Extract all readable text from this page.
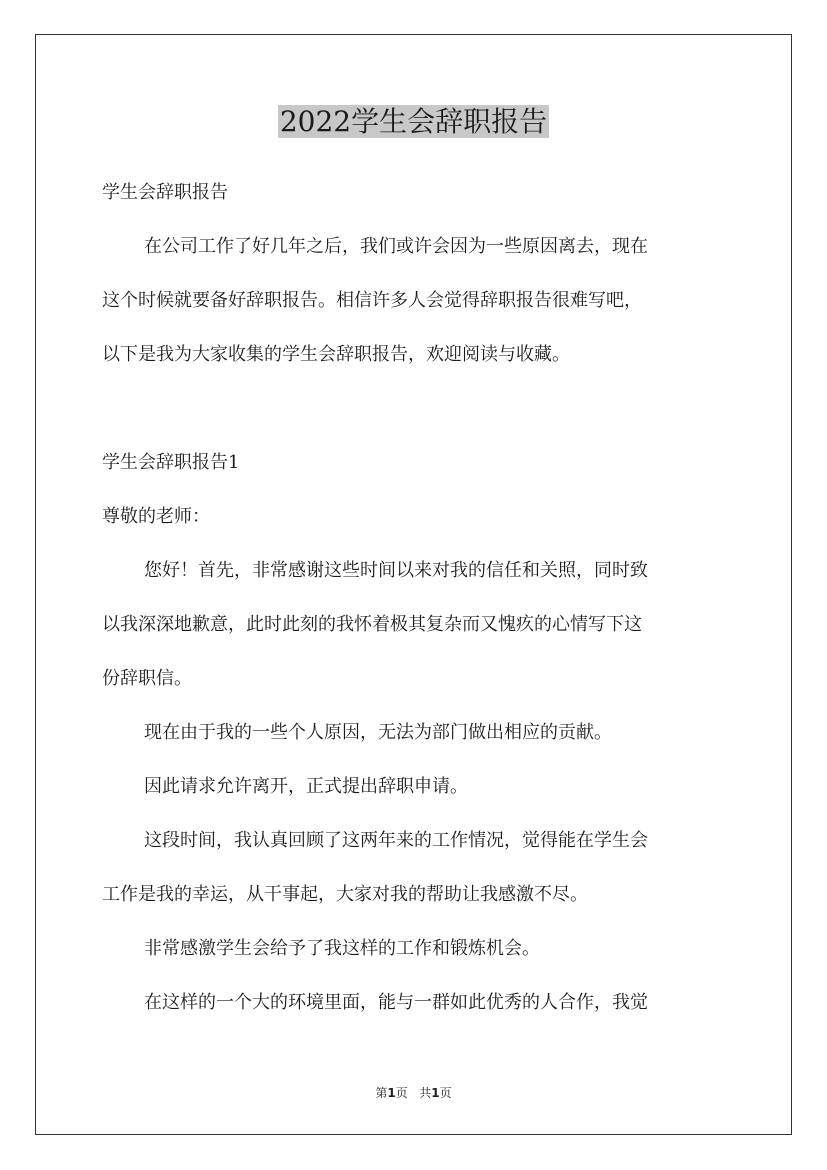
2022学生会辞职报告

学生会辞职报告

在公司工作了好几年之后，我们或许会因为一些原因离去，现在
这个时候就要备好辞职报告。相信许多人会觉得辞职报告很难写吧，
以下是我为大家收集的学生会辞职报告，欢迎阅读与收藏。

学生会辞职报告1

尊敬的老师：

您好！首先，非常感谢这些时间以来对我的信任和关照，同时致
以我深深地歉意，此时此刻的我怀着极其复杂而又愧疚的心情写下这
份辞职信。

现在由于我的一些个人原因，无法为部门做出相应的贡献。

因此请求允许离开，正式提出辞职申请。

这段时间，我认真回顾了这两年来的工作情况，觉得能在学生会
工作是我的幸运，从干事起，大家对我的帮助让我感激不尽。

非常感激学生会给予了我这样的工作和锻炼机会。

在这样的一个大的环境里面，能与一群如此优秀的人合作，我觉

第1页 共1页
